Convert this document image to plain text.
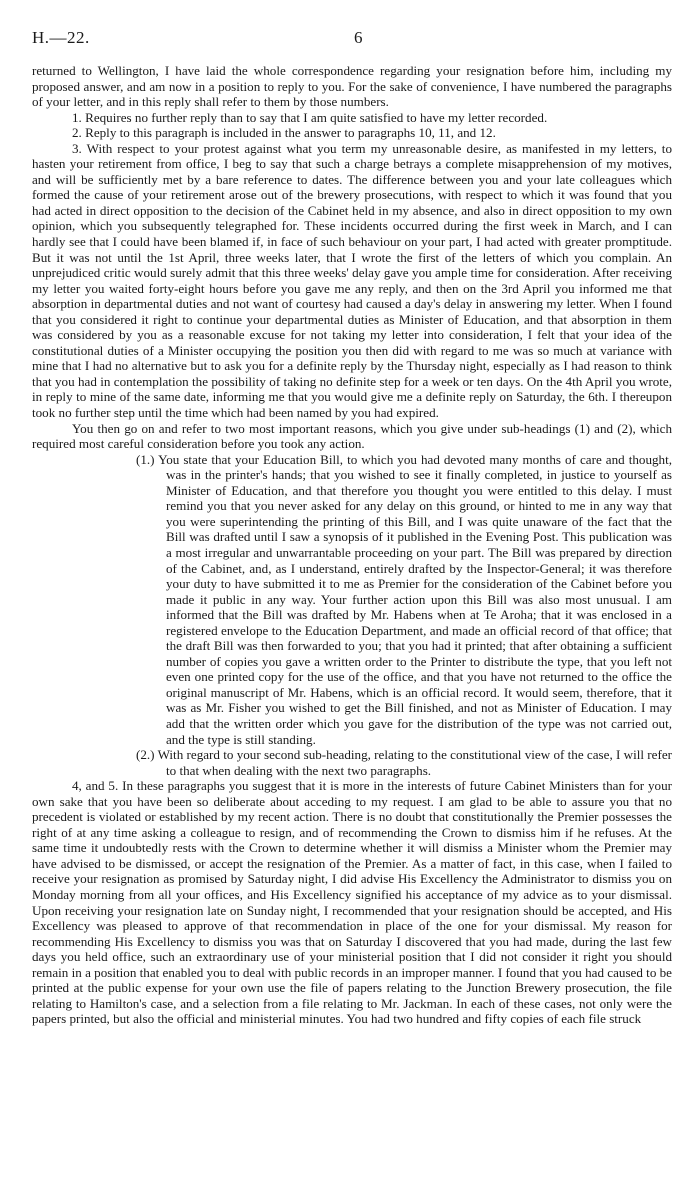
H.—22.	6

returned to Wellington, I have laid the whole correspondence regarding your resignation before him, including my proposed answer, and am now in a position to reply to you. For the sake of convenience, I have numbered the paragraphs of your letter, and in this reply shall refer to them by those numbers.

1. Requires no further reply than to say that I am quite satisfied to have my letter recorded.

2. Reply to this paragraph is included in the answer to paragraphs 10, 11, and 12.

3. With respect to your protest against what you term my unreasonable desire, as manifested in my letters, to hasten your retirement from office, I beg to say that such a charge betrays a complete misapprehension of my motives, and will be sufficiently met by a bare reference to dates. The difference between you and your late colleagues which formed the cause of your retirement arose out of the brewery prosecutions, with respect to which it was found that you had acted in direct opposition to the decision of the Cabinet held in my absence, and also in direct opposition to my own opinion, which you subsequently telegraphed for. These incidents occurred during the first week in March, and I can hardly see that I could have been blamed if, in face of such behaviour on your part, I had acted with greater promptitude. But it was not until the 1st April, three weeks later, that I wrote the first of the letters of which you complain. An unprejudiced critic would surely admit that this three weeks' delay gave you ample time for consideration. After receiving my letter you waited forty-eight hours before you gave me any reply, and then on the 3rd April you informed me that absorption in departmental duties and not want of courtesy had caused a day's delay in answering my letter. When I found that you considered it right to continue your departmental duties as Minister of Education, and that absorption in them was considered by you as a reasonable excuse for not taking my letter into consideration, I felt that your idea of the constitutional duties of a Minister occupying the position you then did with regard to me was so much at variance with mine that I had no alternative but to ask you for a definite reply by the Thursday night, especially as I had reason to think that you had in contemplation the possibility of taking no definite step for a week or ten days. On the 4th April you wrote, in reply to mine of the same date, informing me that you would give me a definite reply on Saturday, the 6th. I thereupon took no further step until the time which had been named by you had expired.

You then go on and refer to two most important reasons, which you give under sub-headings (1) and (2), which required most careful consideration before you took any action.

(1.) You state that your Education Bill, to which you had devoted many months of care and thought, was in the printer's hands; that you wished to see it finally completed, in justice to yourself as Minister of Education, and that therefore you thought you were entitled to this delay. I must remind you that you never asked for any delay on this ground, or hinted to me in any way that you were superintending the printing of this Bill, and I was quite unaware of the fact that the Bill was drafted until I saw a synopsis of it published in the Evening Post. This publication was a most irregular and unwarrantable proceeding on your part. The Bill was prepared by direction of the Cabinet, and, as I understand, entirely drafted by the Inspector-General; it was therefore your duty to have submitted it to me as Premier for the consideration of the Cabinet before you made it public in any way. Your further action upon this Bill was also most unusual. I am informed that the Bill was drafted by Mr. Habens when at Te Aroha; that it was enclosed in a registered envelope to the Education Department, and made an official record of that office; that the draft Bill was then forwarded to you; that you had it printed; that after obtaining a sufficient number of copies you gave a written order to the Printer to distribute the type, that you left not even one printed copy for the use of the office, and that you have not returned to the office the original manuscript of Mr. Habens, which is an official record. It would seem, therefore, that it was as Mr. Fisher you wished to get the Bill finished, and not as Minister of Education. I may add that the written order which you gave for the distribution of the type was not carried out, and the type is still standing.

(2.) With regard to your second sub-heading, relating to the constitutional view of the case, I will refer to that when dealing with the next two paragraphs.

4, and 5. In these paragraphs you suggest that it is more in the interests of future Cabinet Ministers than for your own sake that you have been so deliberate about acceding to my request. I am glad to be able to assure you that no precedent is violated or established by my recent action. There is no doubt that constitutionally the Premier possesses the right of at any time asking a colleague to resign, and of recommending the Crown to dismiss him if he refuses. At the same time it undoubtedly rests with the Crown to determine whether it will dismiss a Minister whom the Premier may have advised to be dismissed, or accept the resignation of the Premier. As a matter of fact, in this case, when I failed to receive your resignation as promised by Saturday night, I did advise His Excellency the Administrator to dismiss you on Monday morning from all your offices, and His Excellency signified his acceptance of my advice as to your dismissal. Upon receiving your resignation late on Sunday night, I recommended that your resignation should be accepted, and His Excellency was pleased to approve of that recommendation in place of the one for your dismissal. My reason for recommending His Excellency to dismiss you was that on Saturday I discovered that you had made, during the last few days you held office, such an extraordinary use of your ministerial position that I did not consider it right you should remain in a position that enabled you to deal with public records in an improper manner. I found that you had caused to be printed at the public expense for your own use the file of papers relating to the Junction Brewery prosecution, the file relating to Hamilton's case, and a selection from a file relating to Mr. Jackman. In each of these cases, not only were the papers printed, but also the official and ministerial minutes. You had two hundred and fifty copies of each file struck
